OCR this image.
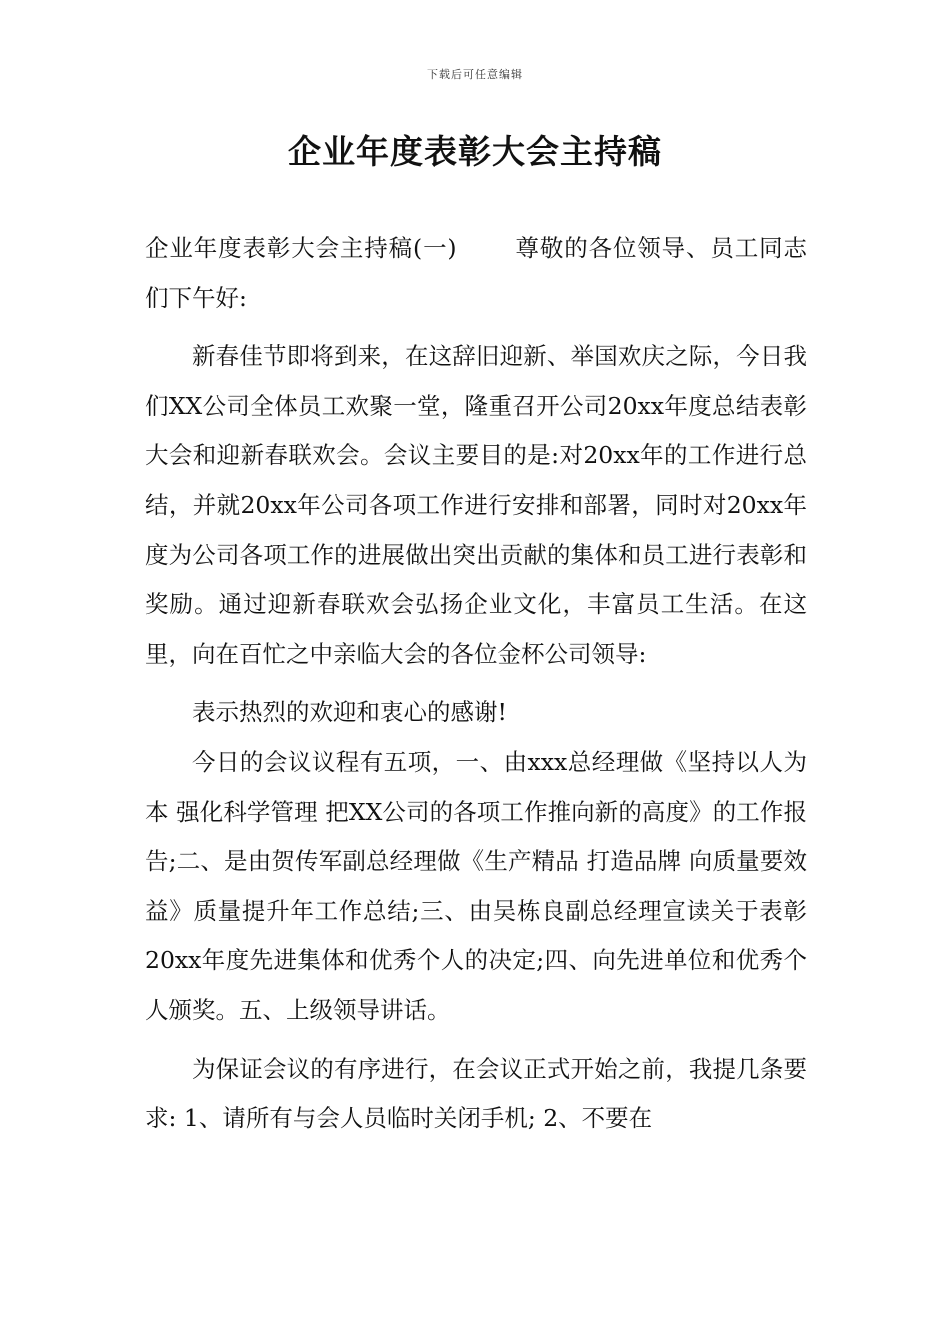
下载后可任意编辑
企业年度表彰大会主持稿

企业年度表彰大会主持稿(一) 尊敬的各位领导、员工同志们下午好:

新春佳节即将到来，在这辞旧迎新、举国欢庆之际，今日我们XX公司全体员工欢聚一堂，隆重召开公司20xx年度总结表彰大会和迎新春联欢会。会议主要目的是:对20xx年的工作进行总结，并就20xx年公司各项工作进行安排和部署，同时对20xx年度为公司各项工作的进展做出突出贡献的集体和员工进行表彰和奖励。通过迎新春联欢会弘扬企业文化，丰富员工生活。在这里，向在百忙之中亲临大会的各位金杯公司领导:

表示热烈的欢迎和衷心的感谢!

今日的会议议程有五项，一、由xxx总经理做《坚持以人为本 强化科学管理 把XX公司的各项工作推向新的高度》的工作报告;二、是由贺传军副总经理做《生产精品 打造品牌 向质量要效益》质量提升年工作总结;三、由吴栋良副总经理宣读关于表彰20xx年度先进集体和优秀个人的决定;四、向先进单位和优秀个人颁奖。五、上级领导讲话。

为保证会议的有序进行，在会议正式开始之前，我提几条要求: 1、请所有与会人员临时关闭手机; 2、不要在
